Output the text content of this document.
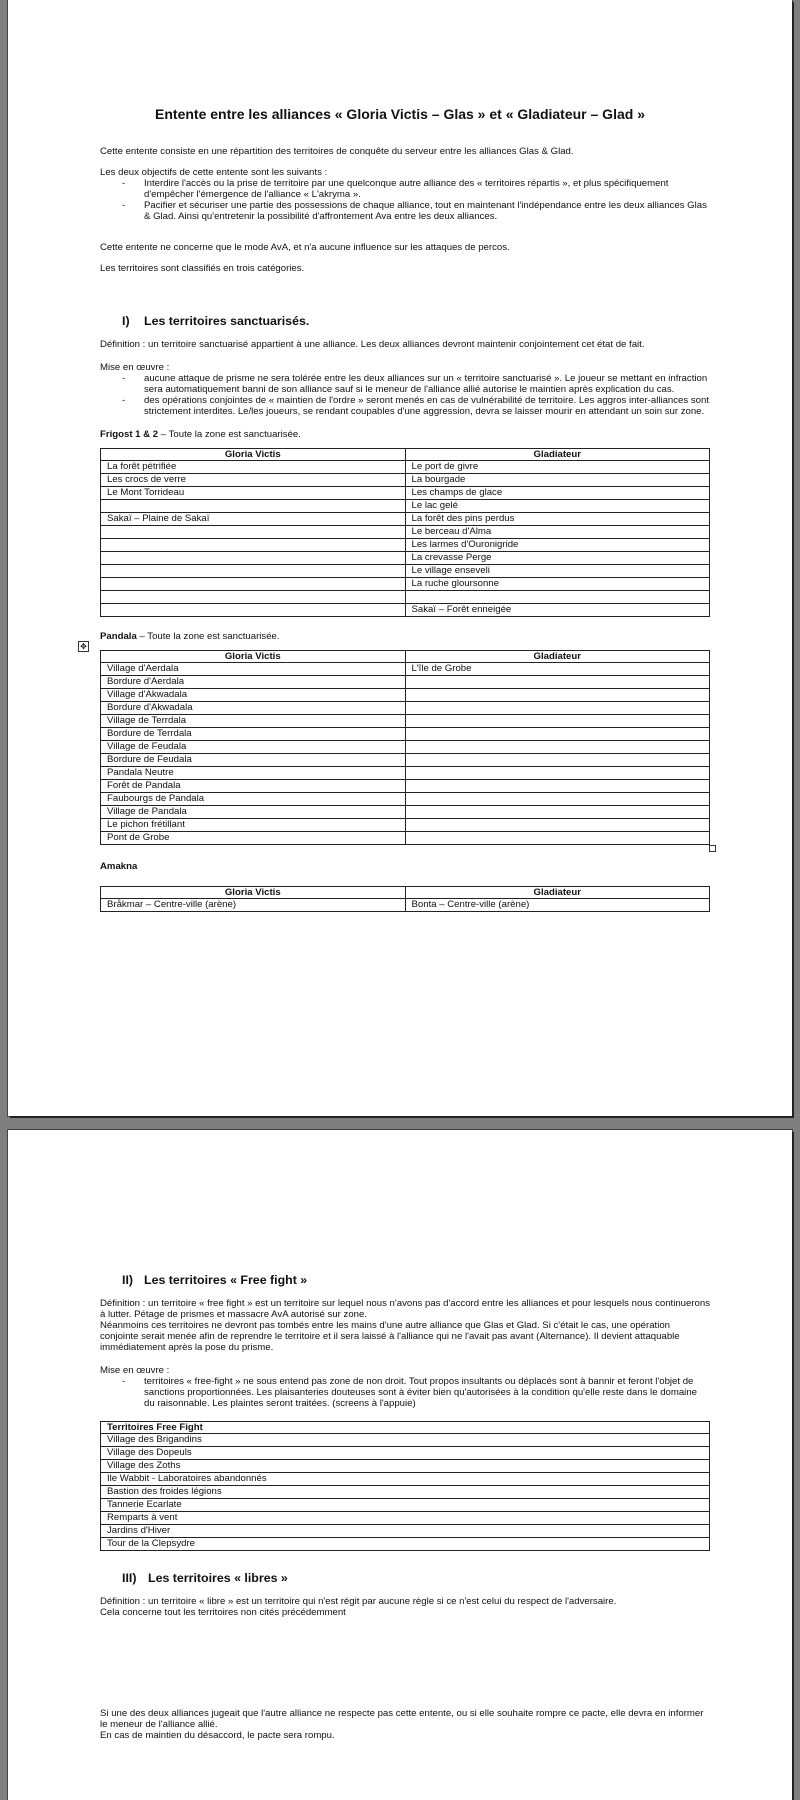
Entente entre les alliances « Gloria Victis – Glas » et « Gladiateur – Glad »

Cette entente consiste en une répartition des territoires de conquête du serveur entre les alliances Glas & Glad.

Les deux objectifs de cette entente sont les suivants :

- Interdire l'accès ou la prise de territoire par une quelconque autre alliance des « territoires répartis », et plus spécifiquement d'empêcher l'émergence de l'alliance « L'akryma ».
- Pacifier et sécuriser une partie des possessions de chaque alliance, tout en maintenant l'indépendance entre les deux alliances Glas & Glad. Ainsi qu'entretenir la possibilité d'affrontement Ava entre les deux alliances.

Cette entente ne concerne que le mode AvA, et n'a aucune influence sur les attaques de percos.

Les territoires sont classifiés en trois catégories.

I) Les territoires sanctuarisés.

Définition : un territoire sanctuarisé appartient à une alliance. Les deux alliances devront maintenir conjointement cet état de fait.

Mise en œuvre :

- aucune attaque de prisme ne sera tolérée entre les deux alliances sur un « territoire sanctuarisé ». Le joueur se mettant en infraction sera automatiquement banni de son alliance sauf si le meneur de l'alliance allié autorise le maintien après explication du cas.
- des opérations conjointes de « maintien de l'ordre » seront menés en cas de vulnérabilité de territoire. Les aggros inter-alliances sont strictement interdites. Le/les joueurs, se rendant coupables d'une aggression, devra se laisser mourir en attendant un soin sur zone.

Frigost 1 & 2 – Toute la zone est sanctuarisée.

Gloria Victis	Gladiateur
La forêt pétrifiée	Le port de givre
Les crocs de verre	La bourgade
Le Mont Torrideau	Les champs de glace
	Le lac gelé
Sakaï – Plaine de Sakaï	La forêt des pins perdus
	Le berceau d'Alma
	Les larmes d'Ouronigride
	La crevasse Perge
	Le village enseveli
	La ruche gloursonne

	Sakaï – Forêt enneigée

Pandala – Toute la zone est sanctuarisée.

✥
Gloria Victis	Gladiateur
Village d'Aerdala	L'île de Grobe
Bordure d'Aerdala	
Village d'Akwadala	
Bordure d'Akwadala	
Village de Terrdala	
Bordure de Terrdala	
Village de Feudala	
Bordure de Feudala	
Pandala Neutre	
Forêt de Pandala	
Faubourgs de Pandala	
Village de Pandala	
Le pichon frétillant	
Pont de Grobe	

Amakna

Gloria Victis	Gladiateur
Bråkmar – Centre-ville (arène)	Bonta – Centre-ville (arène)
II) Les territoires « Free fight »

Définition : un territoire « free fight » est un territoire sur lequel nous n'avons pas d'accord entre les alliances et pour lesquels nous continuerons à lutter. Pétage de prismes et massacre AvA autorisé sur zone.

Néanmoins ces territoires ne devront pas tombés entre les mains d'une autre alliance que Glas et Glad. Si c'était le cas, une opération conjointe serait menée afin de reprendre le territoire et il sera laissé à l'alliance qui ne l'avait pas avant (Alternance). Il devient attaquable immédiatement après la pose du prisme.

Mise en œuvre :

- territoires « free-fight » ne sous entend pas zone de non droit. Tout propos insultants ou déplacés sont à bannir et feront l'objet de sanctions proportionnées. Les plaisanteries douteuses sont à éviter bien qu'autorisées à la condition qu'elle reste dans le domaine du raisonnable. Les plaintes seront traitées. (screens à l'appuie)
Territoires Free Fight
Village des Brigandins
Village des Dopeuls
Village des Zoths
Ile Wabbit - Laboratoires abandonnés
Bastion des froides légions
Tannerie Ecarlate
Remparts à vent
Jardins d'Hiver
Tour de la Clepsydre
III) Les territoires « libres »

Définition : un territoire « libre » est un territoire qui n'est régit par aucune règle si ce n'est celui du respect de l'adversaire.

Cela concerne tout les territoires non cités précédemment

Si une des deux alliances jugeait que l'autre alliance ne respecte pas cette entente, ou si elle souhaite rompre ce pacte, elle devra en informer le meneur de l'alliance allié.

En cas de maintien du désaccord, le pacte sera rompu.
